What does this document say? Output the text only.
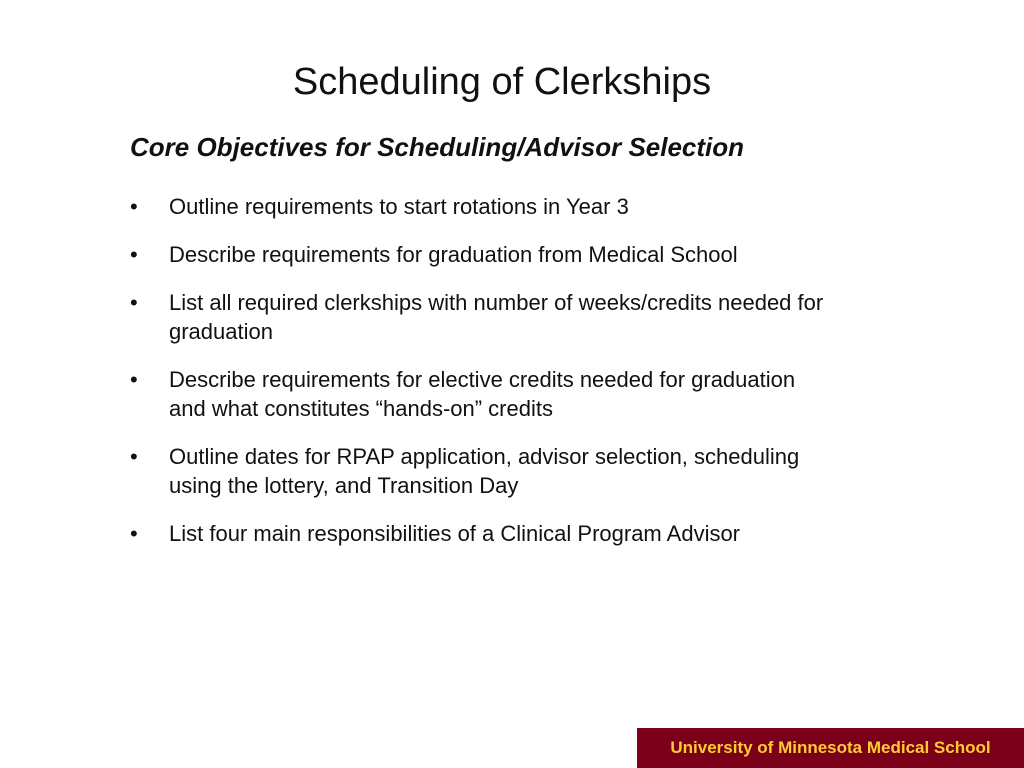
Scheduling of Clerkships
Core Objectives for Scheduling/Advisor Selection
•	Outline requirements to start rotations in Year 3
•	Describe requirements for graduation from Medical School
•	List all required clerkships with number of weeks/credits needed for graduation
•	Describe requirements for elective credits needed for graduation and what constitutes “hands-on” credits
•	Outline dates for RPAP application, advisor selection, scheduling using the lottery, and Transition Day
•	List four main responsibilities of a Clinical Program Advisor
University of Minnesota Medical School
